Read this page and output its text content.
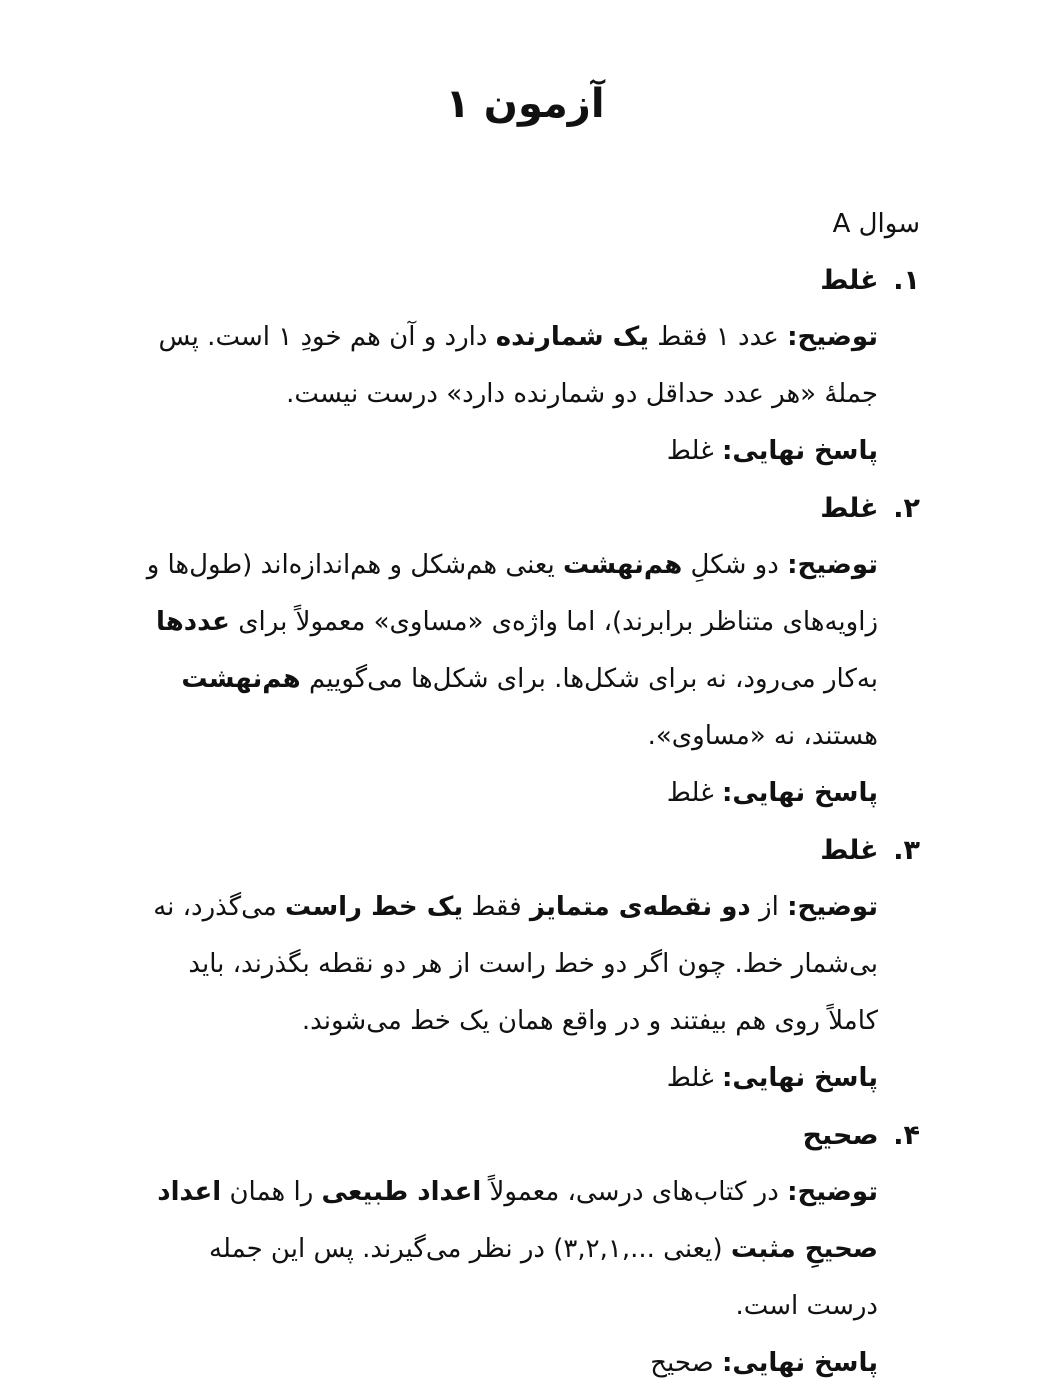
آزمون ۱
سوال A
۱. غلط

توضیح: عدد ۱ فقط یک شمارنده دارد و آن هم خودِ ۱ است. پس جملهٔ «هر عدد حداقل دو شمارنده دارد» درست نیست.

پاسخ نهایی: غلط

۲. غلط

توضیح: دو شکلِ هم‌نهشت یعنی هم‌شکل و هم‌اندازه‌اند (طول‌ها و زاویه‌های متناظر برابرند)، اما واژه‌ی «مساوی» معمولاً برای عددها به‌کار می‌رود، نه برای شکل‌ها. برای شکل‌ها می‌گوییم هم‌نهشت هستند، نه «مساوی».

پاسخ نهایی: غلط

۳. غلط

توضیح: از دو نقطه‌ی متمایز فقط یک خط راست می‌گذرد، نه بی‌شمار خط. چون اگر دو خط راست از هر دو نقطه بگذرند، باید کاملاً روی هم بیفتند و در واقع همان یک خط می‌شوند.

پاسخ نهایی: غلط

۴. صحیح

توضیح: در کتاب‌های درسی، معمولاً اعداد طبیعی را همان اعداد صحیحِ مثبت (یعنی ...,۳,۲,۱) در نظر می‌گیرند. پس این جمله درست است.

پاسخ نهایی: صحیح
